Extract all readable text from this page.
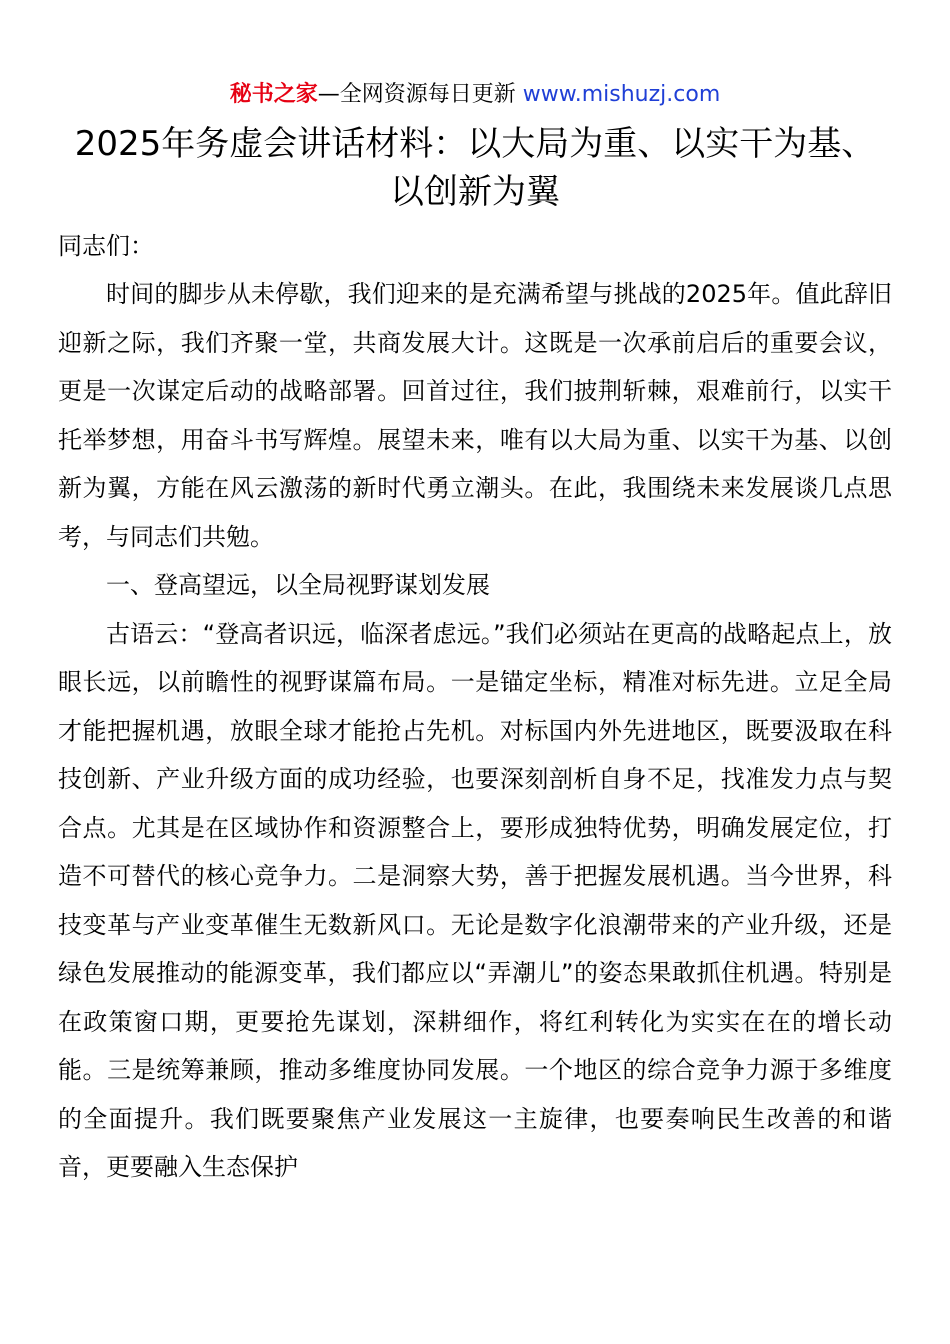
秘书之家—全网资源每日更新 www.mishuzj.com
2025年务虚会讲话材料：以大局为重、以实干为基、以创新为翼

同志们：

时间的脚步从未停歇，我们迎来的是充满希望与挑战的2025年。值此辞旧迎新之际，我们齐聚一堂，共商发展大计。这既是一次承前启后的重要会议，更是一次谋定后动的战略部署。回首过往，我们披荆斩棘，艰难前行，以实干托举梦想，用奋斗书写辉煌。展望未来，唯有以大局为重、以实干为基、以创新为翼，方能在风云激荡的新时代勇立潮头。在此，我围绕未来发展谈几点思考，与同志们共勉。

一、登高望远，以全局视野谋划发展

古语云：“登高者识远，临深者虑远。”我们必须站在更高的战略起点上，放眼长远，以前瞻性的视野谋篇布局。一是锚定坐标，精准对标先进。立足全局才能把握机遇，放眼全球才能抢占先机。对标国内外先进地区，既要汲取在科技创新、产业升级方面的成功经验，也要深刻剖析自身不足，找准发力点与契合点。尤其是在区域协作和资源整合上，要形成独特优势，明确发展定位，打造不可替代的核心竞争力。二是洞察大势，善于把握发展机遇。当今世界，科技变革与产业变革催生无数新风口。无论是数字化浪潮带来的产业升级，还是绿色发展推动的能源变革，我们都应以“弄潮儿”的姿态果敢抓住机遇。特别是在政策窗口期，更要抢先谋划，深耕细作，将红利转化为实实在在的增长动能。三是统筹兼顾，推动多维度协同发展。一个地区的综合竞争力源于多维度的全面提升。我们既要聚焦产业发展这一主旋律，也要奏响民生改善的和谐音，更要融入生态保护
